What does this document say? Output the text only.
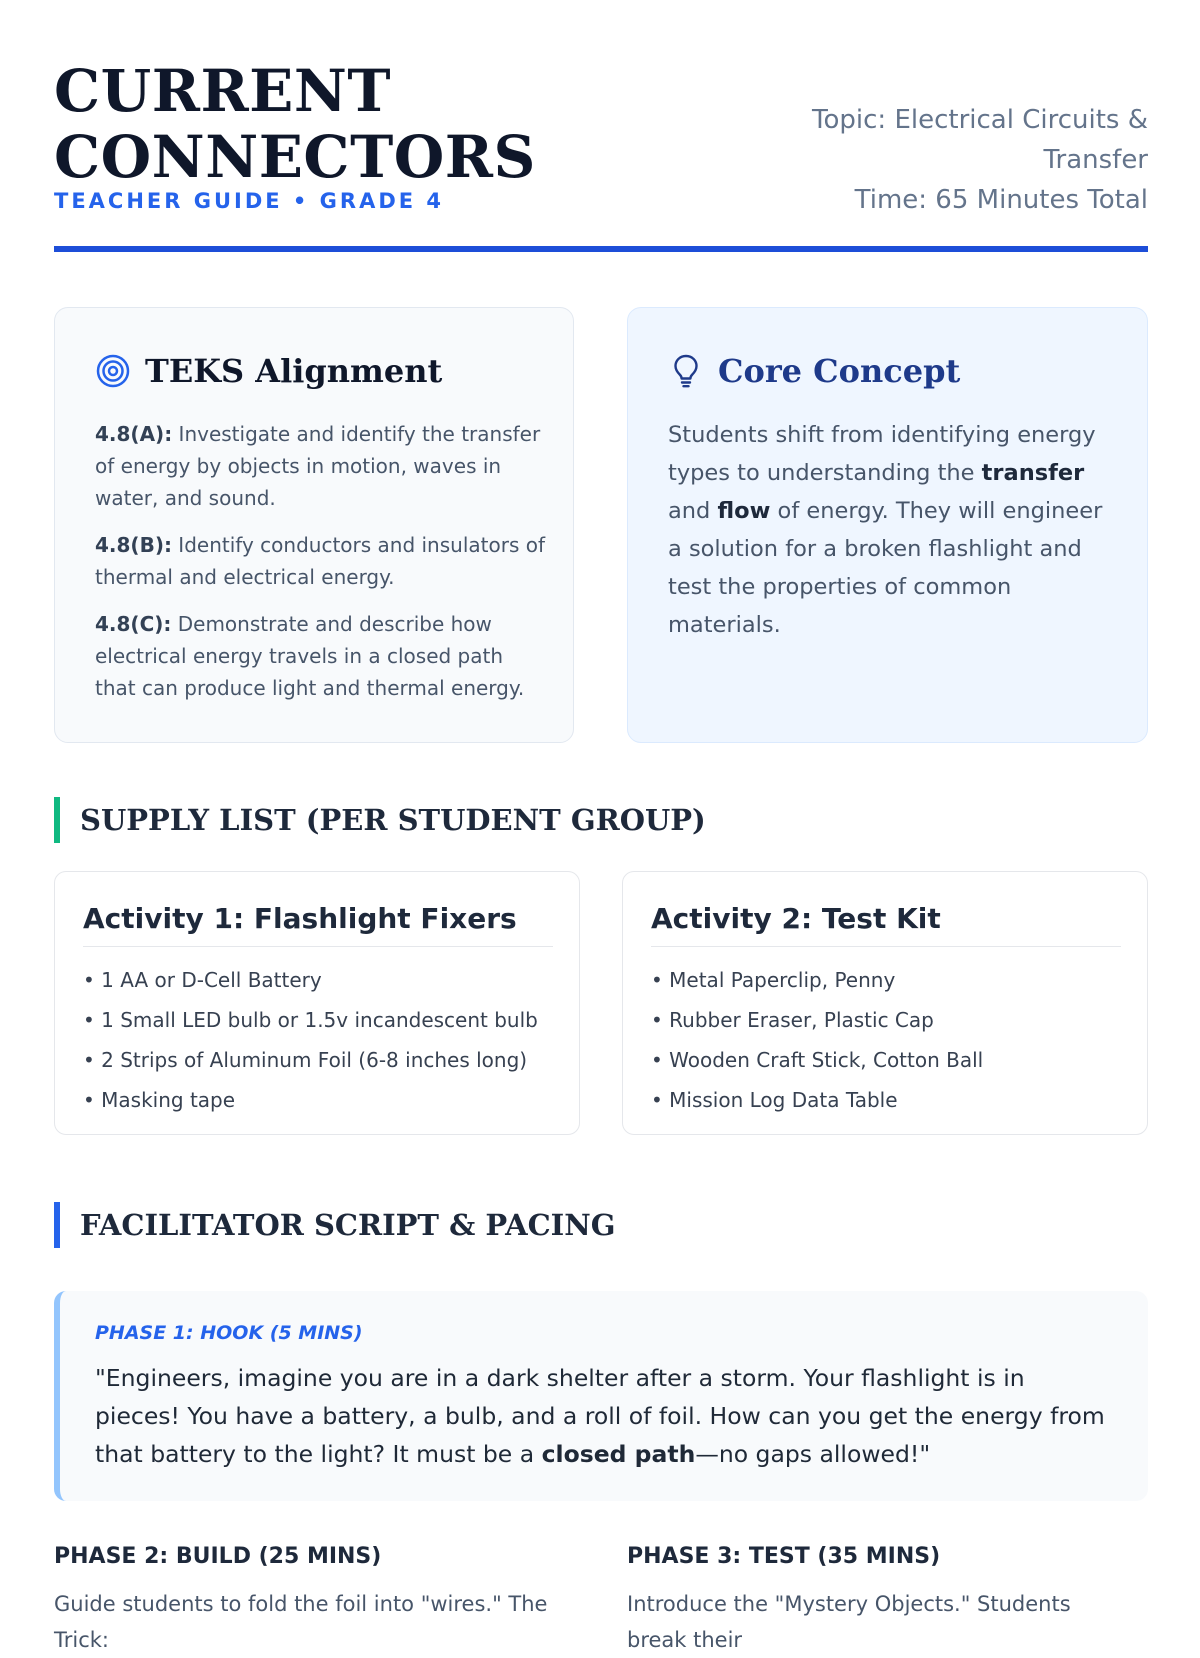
CURRENT
CONNECTORS
TEACHER GUIDE • GRADE 4
Topic: Electrical Circuits &
Transfer
Time: 65 Minutes Total
TEKS Alignment

4.8(A): Investigate and identify the transfer of energy by objects in motion, waves in water, and sound.

4.8(B): Identify conductors and insulators of thermal and electrical energy.

4.8(C): Demonstrate and describe how electrical energy travels in a closed path that can produce light and thermal energy.

Core Concept

Students shift from identifying energy types to understanding the transfer and flow of energy. They will engineer a solution for a broken flashlight and test the properties of common materials.

SUPPLY LIST (PER STUDENT GROUP)
Activity 1: Flashlight Fixers
• 1 AA or D-Cell Battery
• 1 Small LED bulb or 1.5v incandescent bulb
• 2 Strips of Aluminum Foil (6-8 inches long)
• Masking tape
Activity 2: Test Kit
• Metal Paperclip, Penny
• Rubber Eraser, Plastic Cap
• Wooden Craft Stick, Cotton Ball
• Mission Log Data Table
FACILITATOR SCRIPT & PACING
PHASE 1: HOOK (5 MINS)

"Engineers, imagine you are in a dark shelter after a storm. Your flashlight is in pieces! You have a battery, a bulb, and a roll of foil. How can you get the energy from that battery to the light? It must be a closed path—no gaps allowed!"

PHASE 2: BUILD (25 MINS)
Guide students to fold the foil into "wires." The Trick:
PHASE 3: TEST (35 MINS)
Introduce the "Mystery Objects." Students break their
